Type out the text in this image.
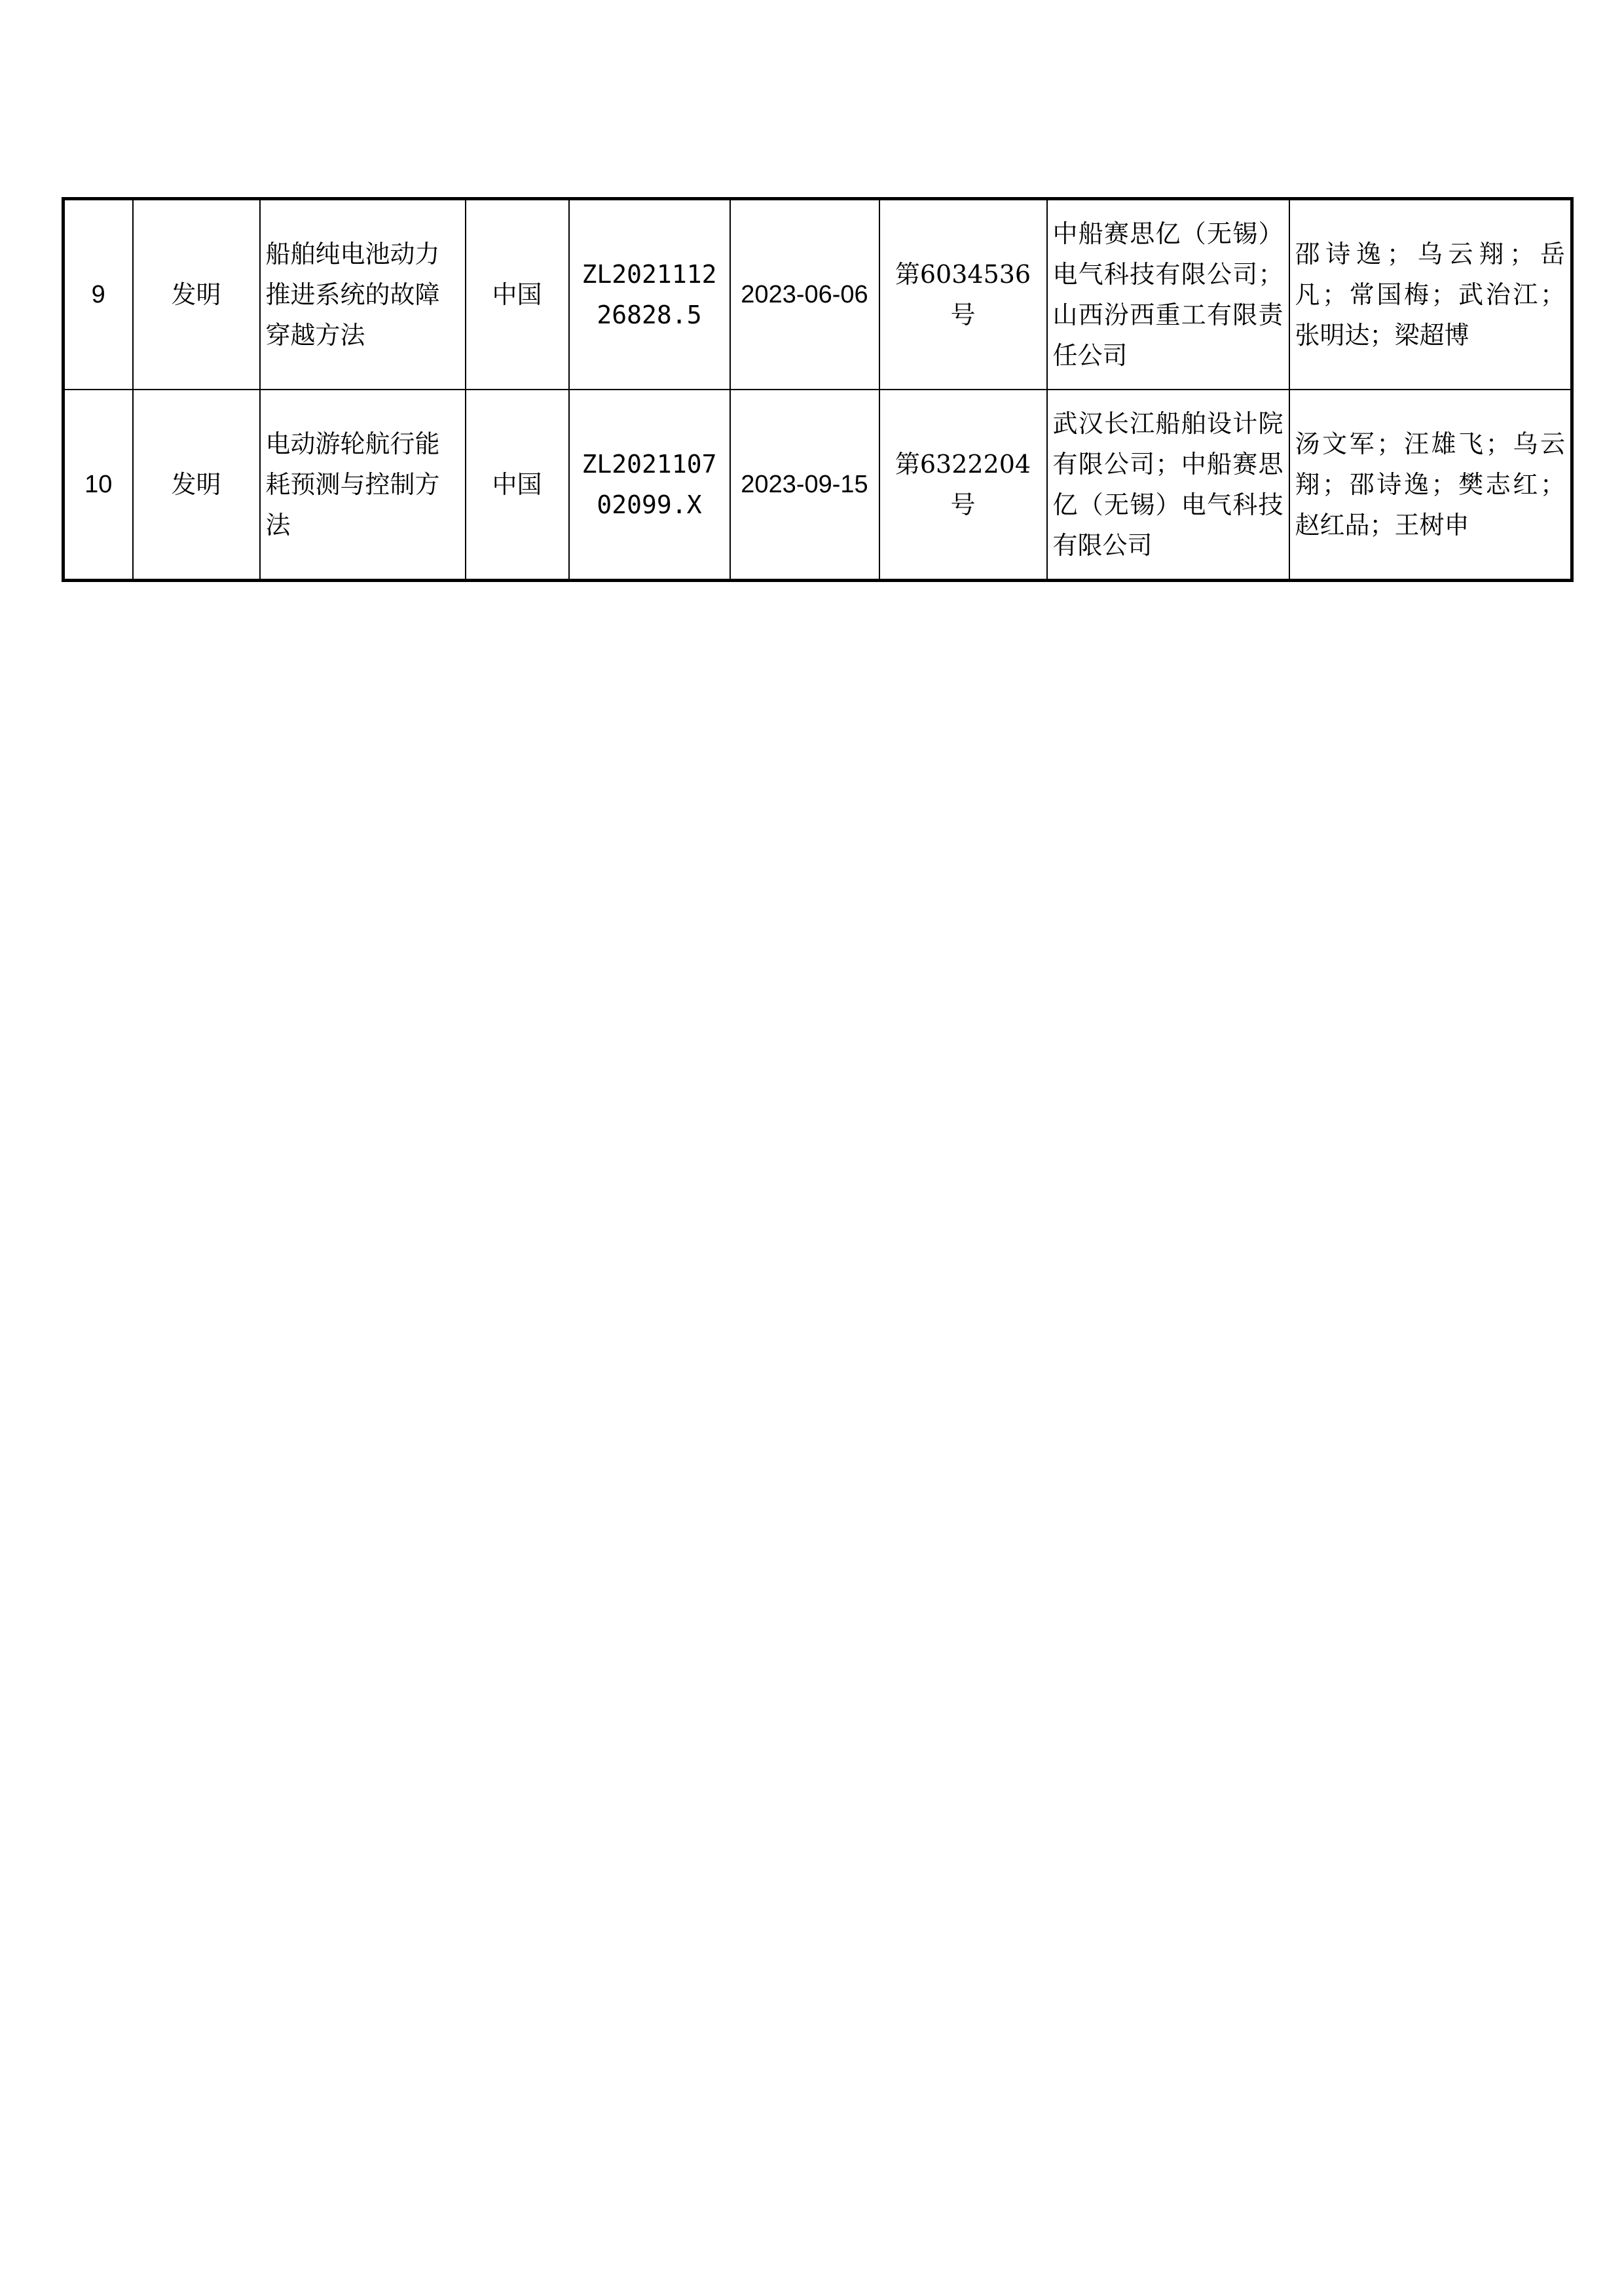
9	发明	船舶纯电池动力推进系统的故障穿越方法	中国	ZL202111226828.5	2023-06-06	第6034536号	中船赛思亿（无锡）电气科技有限公司；山西汾西重工有限责任公司	邵诗逸；乌云翔；岳凡；常国梅；武治江；张明达；梁超博
10	发明	电动游轮航行能耗预测与控制方法	中国	ZL202110702099.X	2023-09-15	第6322204号	武汉长江船舶设计院有限公司；中船赛思亿（无锡）电气科技有限公司	汤文军；汪雄飞；乌云翔；邵诗逸；樊志红；赵红品；王树申
